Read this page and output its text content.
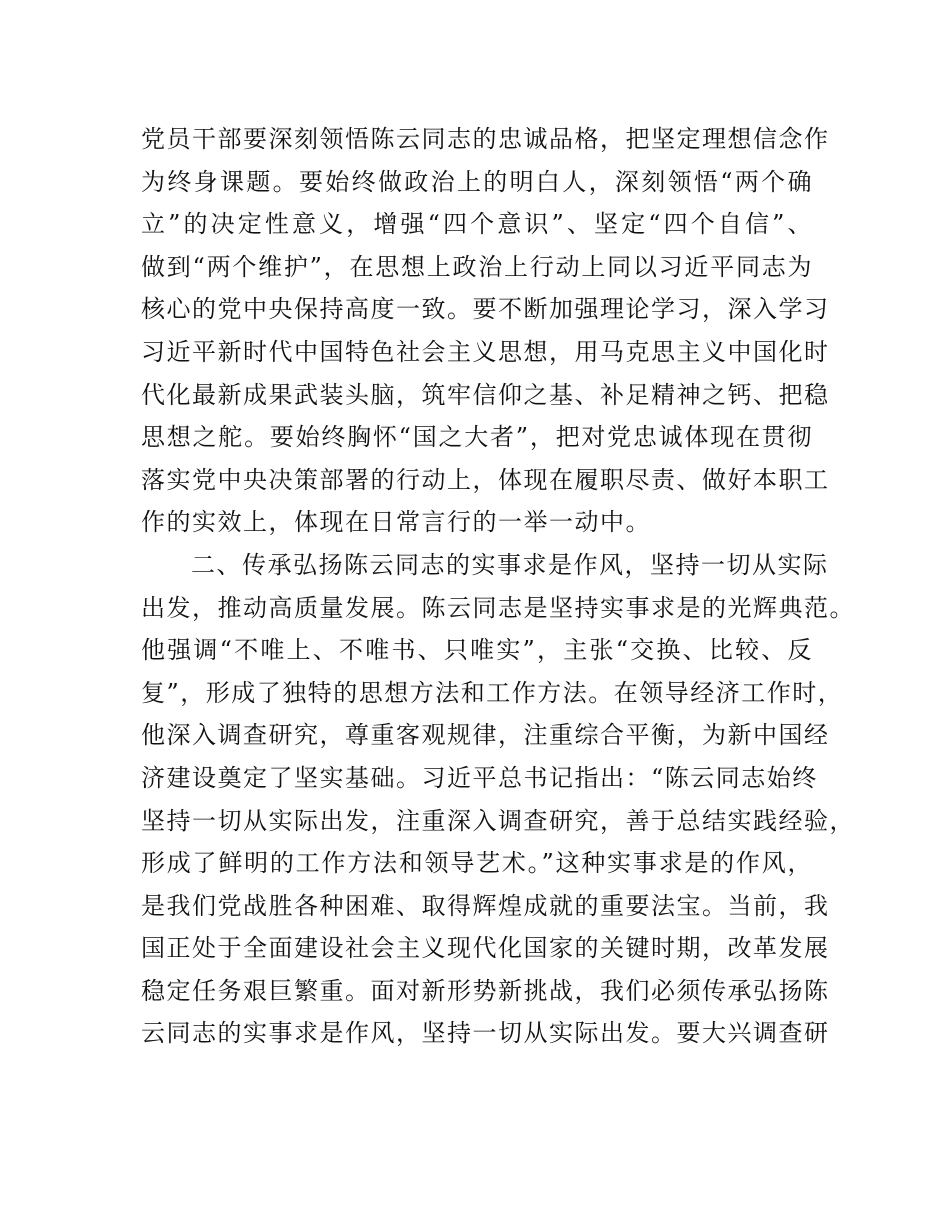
党员干部要深刻领悟陈云同志的忠诚品格，把坚定理想信念作
为终身课题。要始终做政治上的明白人，深刻领悟“两个确
立”的决定性意义，增强“四个意识”、坚定“四个自信”、
做到“两个维护”，在思想上政治上行动上同以习近平同志为
核心的党中央保持高度一致。要不断加强理论学习，深入学习
习近平新时代中国特色社会主义思想，用马克思主义中国化时
代化最新成果武装头脑，筑牢信仰之基、补足精神之钙、把稳
思想之舵。要始终胸怀“国之大者”，把对党忠诚体现在贯彻
落实党中央决策部署的行动上，体现在履职尽责、做好本职工
作的实效上，体现在日常言行的一举一动中。
二、传承弘扬陈云同志的实事求是作风，坚持一切从实际
出发，推动高质量发展。陈云同志是坚持实事求是的光辉典范。
他强调“不唯上、不唯书、只唯实”，主张“交换、比较、反
复”，形成了独特的思想方法和工作方法。在领导经济工作时，
他深入调查研究，尊重客观规律，注重综合平衡，为新中国经
济建设奠定了坚实基础。习近平总书记指出：“陈云同志始终
坚持一切从实际出发，注重深入调查研究，善于总结实践经验，
形成了鲜明的工作方法和领导艺术。”这种实事求是的作风，
是我们党战胜各种困难、取得辉煌成就的重要法宝。当前，我
国正处于全面建设社会主义现代化国家的关键时期，改革发展
稳定任务艰巨繁重。面对新形势新挑战，我们必须传承弘扬陈
云同志的实事求是作风，坚持一切从实际出发。要大兴调查研
